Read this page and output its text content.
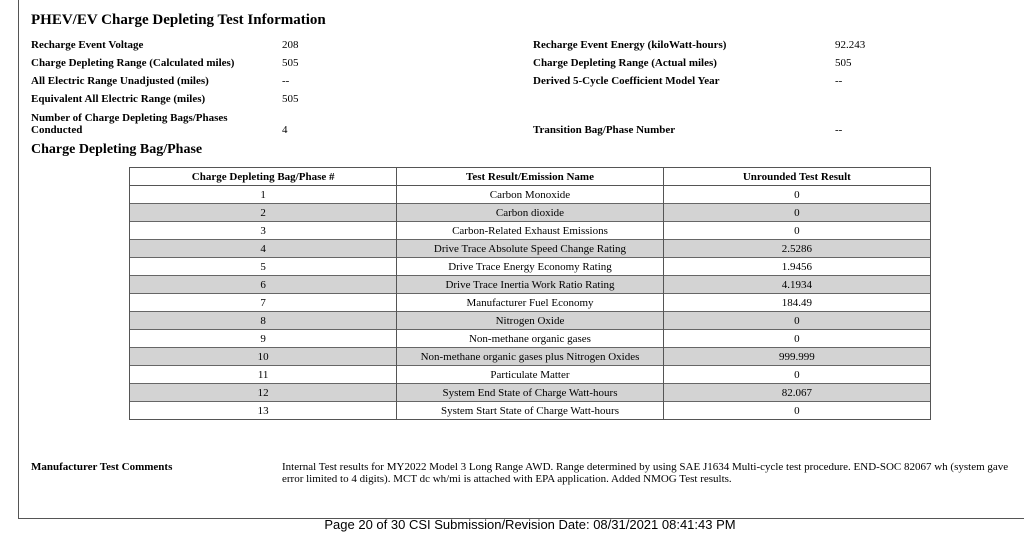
PHEV/EV Charge Depleting Test Information
Recharge Event Voltage	208
Charge Depleting Range (Calculated miles)	505
All Electric Range Unadjusted (miles)	--
Equivalent All Electric Range (miles)	505
Number of Charge Depleting Bags/Phases
Conducted	4
Recharge Event Energy (kiloWatt-hours)	92.243
Charge Depleting Range (Actual miles)	505
Derived 5-Cycle Coefficient Model Year	--
Transition Bag/Phase Number	--
Charge Depleting Bag/Phase
Charge Depleting Bag/Phase #	Test Result/Emission Name	Unrounded Test Result
1	Carbon Monoxide	0
2	Carbon dioxide	0
3	Carbon-Related Exhaust Emissions	0
4	Drive Trace Absolute Speed Change Rating	2.5286
5	Drive Trace Energy Economy Rating	1.9456
6	Drive Trace Inertia Work Ratio Rating	4.1934
7	Manufacturer Fuel Economy	184.49
8	Nitrogen Oxide	0
9	Non-methane organic gases	0
10	Non-methane organic gases plus Nitrogen Oxides	999.999
11	Particulate Matter	0
12	System End State of Charge Watt-hours	82.067
13	System Start State of Charge Watt-hours	0
Manufacturer Test Comments	Internal Test results for MY2022 Model 3 Long Range AWD. Range determined by using SAE J1634 Multi-cycle test procedure. END-SOC 82067 wh (system gave error limited to 4 digits). MCT dc wh/mi is attached with EPA application. Added NMOG Test results.
Page 20 of 30 CSI Submission/Revision Date: 08/31/2021 08:41:43 PM
